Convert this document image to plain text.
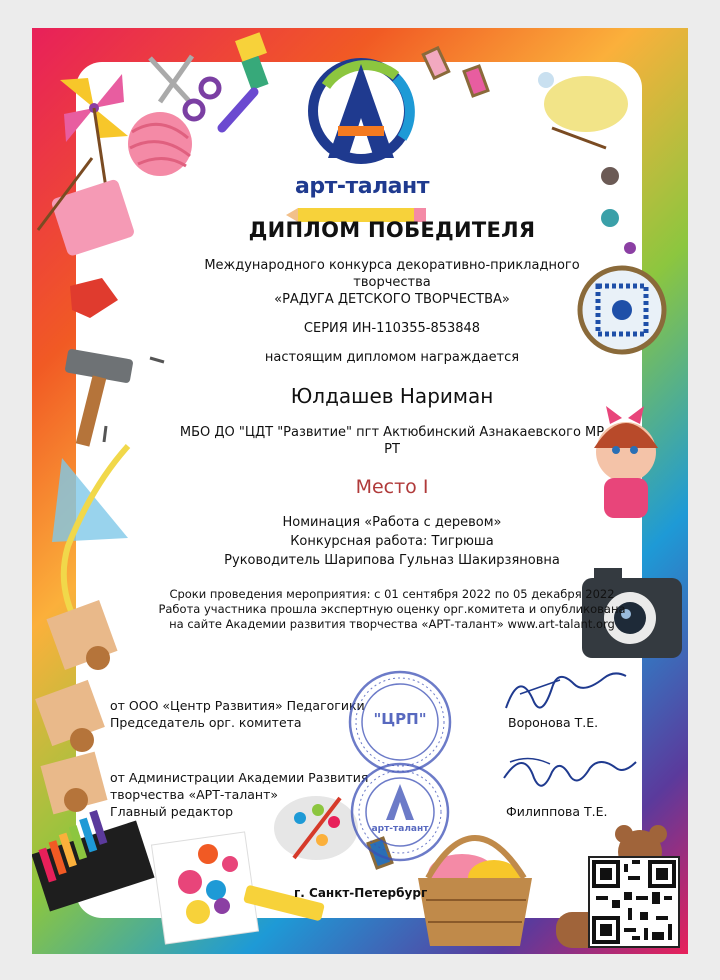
арт-талант
ДИПЛОМ ПОБЕДИТЕЛЯ
Международного конкурса декоративно-прикладного
творчества
«РАДУГА ДЕТСКОГО ТВОРЧЕСТВА»
СЕРИЯ ИН-110355-853848
настоящим дипломом награждается
Юлдашев Нариман
МБО ДО "ЦДТ "Развитие" пгт Актюбинский Азнакаевского МР
РТ
Место I
Номинация «Работа с деревом»
Конкурсная работа: Тигрюша
Руководитель Шарипова Гульназ Шакирзяновна
Сроки проведения мероприятия: с 01 сентября 2022 по 05 декабря 2022
Работа участника прошла экспертную оценку орг.комитета и опубликована
на сайте Академии развития творчества «АРТ-талант» www.art-talant.org
от ООО «Центр Развития» Педагогики
Председатель орг. комитета	Воронова Т.Е.
от Администрации Академии Развития
творчества «АРТ-талант»
Главный редактор	Филиппова Т.Е.
"ЦРП"
арт-талант
г. Санкт-Петербург
